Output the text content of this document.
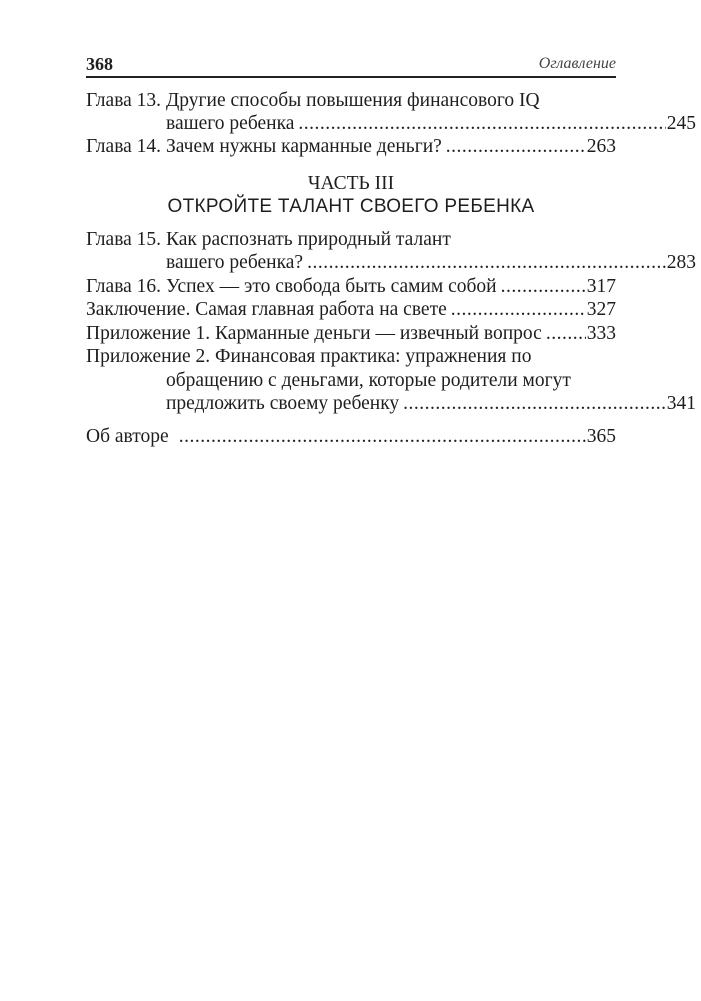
368	Оглавление
Глава 13. Другие способы повышения финансового IQ
вашего ребенка .....	245
Глава 14. Зачем нужны карманные деньги? .....	263
ЧАСТЬ III
ОТКРОЙТЕ ТАЛАНТ СВОЕГО РЕБЕНКА
Глава 15. Как распознать природный талант
вашего ребенка? .....	283
Глава 16. Успех — это свобода быть самим собой .....	317
Заключение. Самая главная работа на свете .....	327
Приложение 1. Карманные деньги — извечный вопрос ..... 333
Приложение 2. Финансовая практика: упражнения по
обращению с деньгами, которые родители могут
предложить своему ребенку .....	341
Об авторе .....	365
